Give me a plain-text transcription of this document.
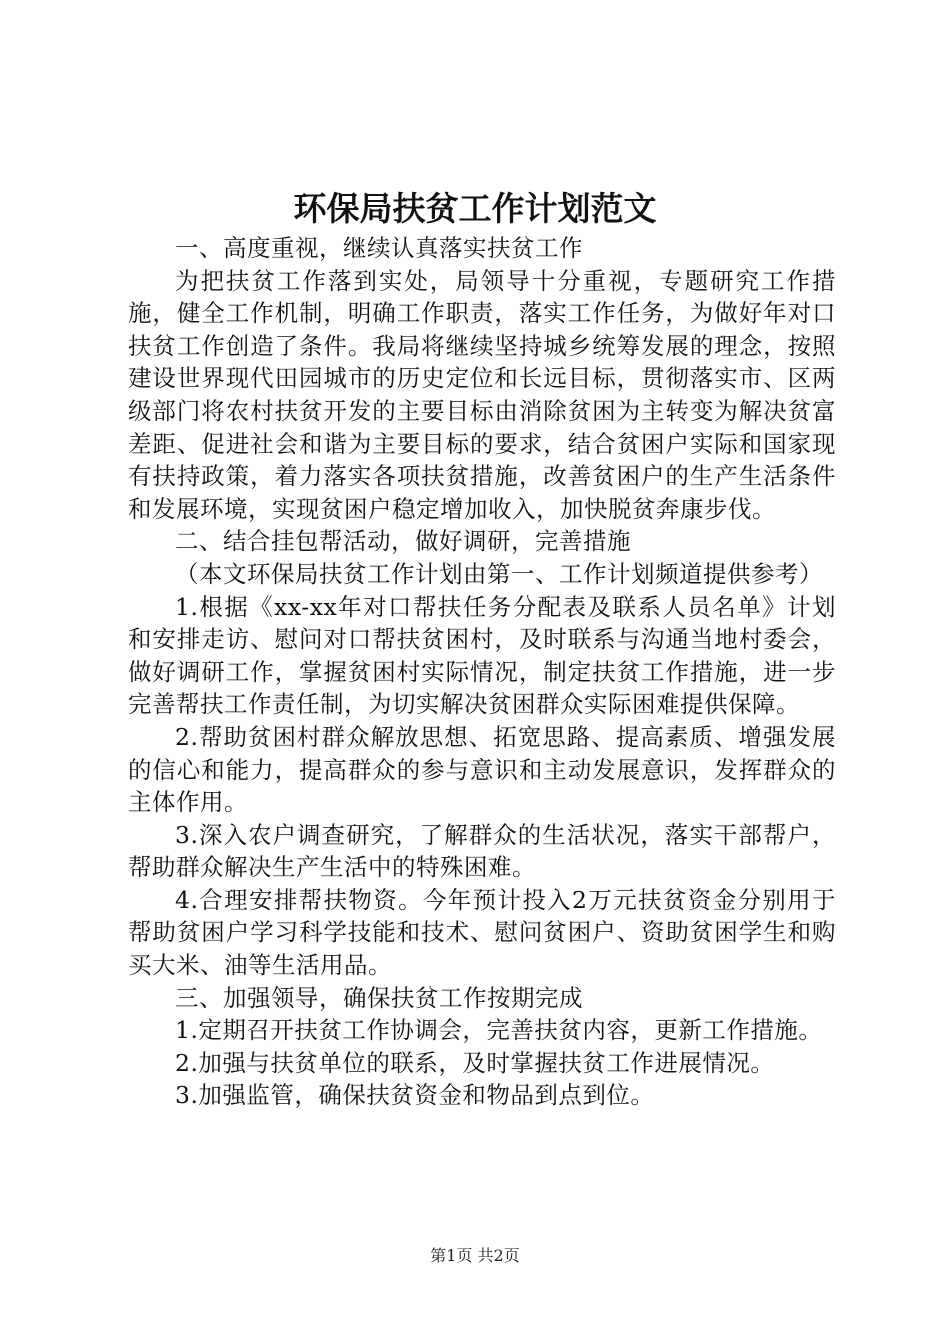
环保局扶贫工作计划范文

一、高度重视，继续认真落实扶贫工作

为把扶贫工作落到实处，局领导十分重视，专题研究工作措施，健全工作机制，明确工作职责，落实工作任务，为做好年对口扶贫工作创造了条件。我局将继续坚持城乡统筹发展的理念，按照建设世界现代田园城市的历史定位和长远目标，贯彻落实市、区两级部门将农村扶贫开发的主要目标由消除贫困为主转变为解决贫富差距、促进社会和谐为主要目标的要求，结合贫困户实际和国家现有扶持政策，着力落实各项扶贫措施，改善贫困户的生产生活条件和发展环境，实现贫困户稳定增加收入，加快脱贫奔康步伐。

二、结合挂包帮活动，做好调研，完善措施

（本文环保局扶贫工作计划由第一、工作计划频道提供参考）

1.根据《xx-xx年对口帮扶任务分配表及联系人员名单》计划和安排走访、慰问对口帮扶贫困村，及时联系与沟通当地村委会，做好调研工作，掌握贫困村实际情况，制定扶贫工作措施，进一步完善帮扶工作责任制，为切实解决贫困群众实际困难提供保障。

2.帮助贫困村群众解放思想、拓宽思路、提高素质、增强发展的信心和能力，提高群众的参与意识和主动发展意识，发挥群众的主体作用。

3.深入农户调查研究，了解群众的生活状况，落实干部帮户，帮助群众解决生产生活中的特殊困难。

4.合理安排帮扶物资。今年预计投入2万元扶贫资金分别用于帮助贫困户学习科学技能和技术、慰问贫困户、资助贫困学生和购买大米、油等生活用品。

三、加强领导，确保扶贫工作按期完成

1.定期召开扶贫工作协调会，完善扶贫内容，更新工作措施。

2.加强与扶贫单位的联系，及时掌握扶贫工作进展情况。

3.加强监管，确保扶贫资金和物品到点到位。

第1页 共2页
